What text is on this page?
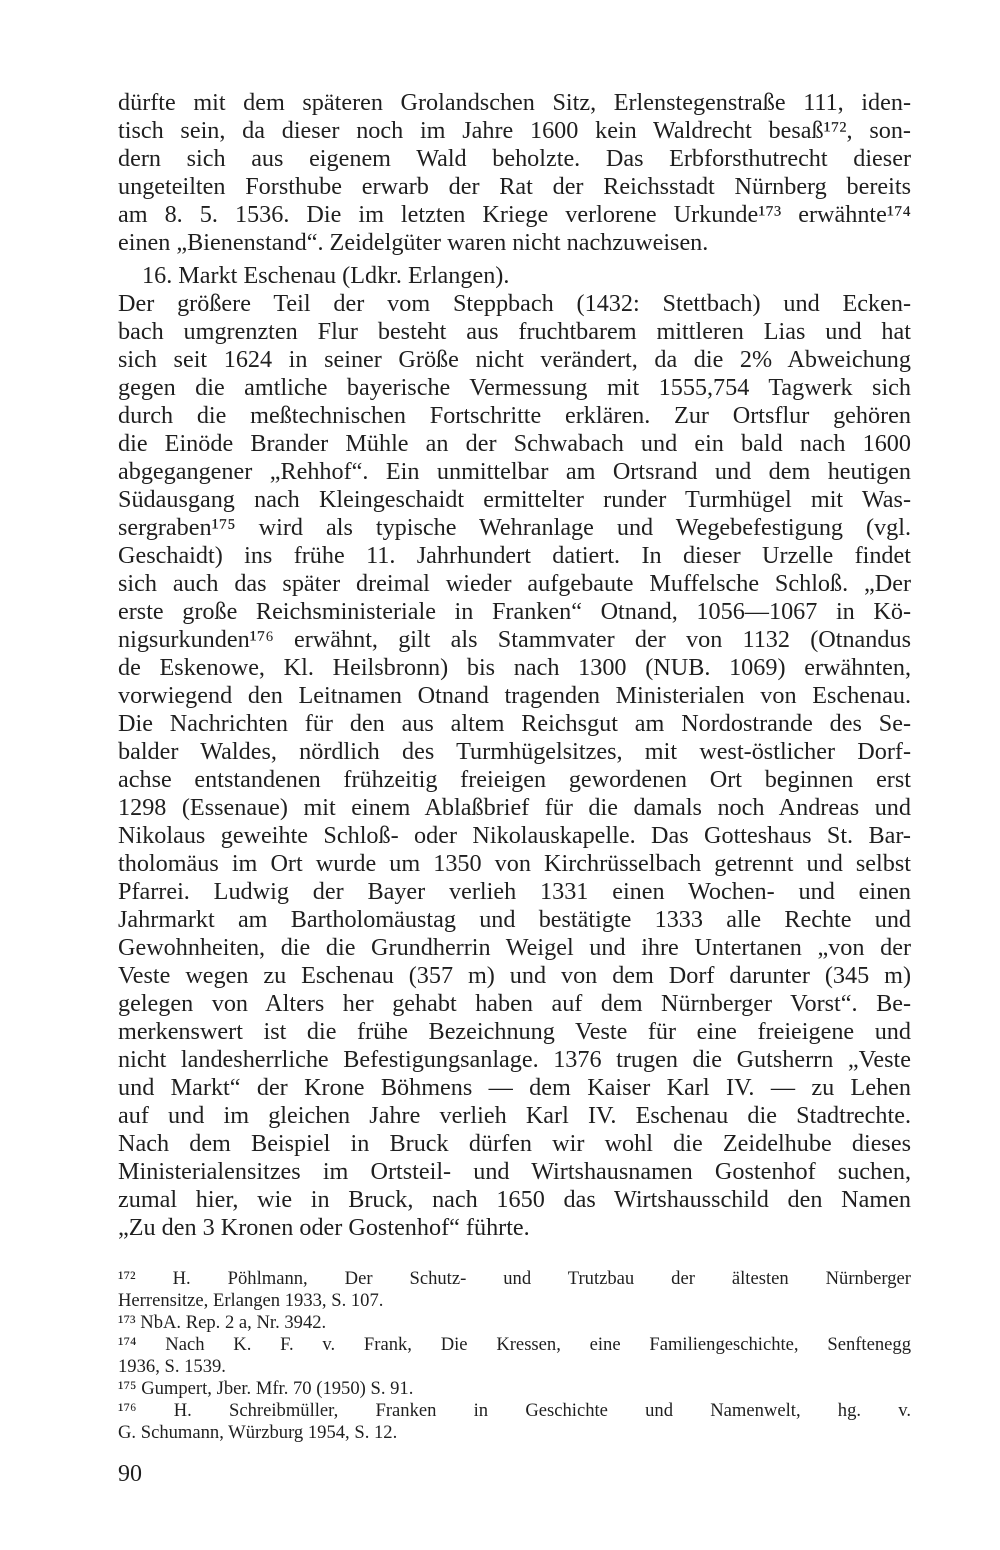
dürfte mit dem späteren Grolandschen Sitz, Erlenstegenstraße 111, iden-
tisch sein, da dieser noch im Jahre 1600 kein Waldrecht besaß¹⁷², son-
dern sich aus eigenem Wald beholzte. Das Erbforsthutrecht dieser
ungeteilten Forsthube erwarb der Rat der Reichsstadt Nürnberg bereits
am 8. 5. 1536. Die im letzten Kriege verlorene Urkunde¹⁷³ erwähnte¹⁷⁴
einen „Bienenstand“. Zeidelgüter waren nicht nachzuweisen.
16. Markt Eschenau (Ldkr. Erlangen).
Der größere Teil der vom Steppbach (1432: Stettbach) und Ecken-
bach umgrenzten Flur besteht aus fruchtbarem mittleren Lias und hat
sich seit 1624 in seiner Größe nicht verändert, da die 2% Abweichung
gegen die amtliche bayerische Vermessung mit 1555,754 Tagwerk sich
durch die meßtechnischen Fortschritte erklären. Zur Ortsflur gehören
die Einöde Brander Mühle an der Schwabach und ein bald nach 1600
abgegangener „Rehhof“. Ein unmittelbar am Ortsrand und dem heutigen
Südausgang nach Kleingeschaidt ermittelter runder Turmhügel mit Was-
sergraben¹⁷⁵ wird als typische Wehranlage und Wegebefestigung (vgl.
Geschaidt) ins frühe 11. Jahrhundert datiert. In dieser Urzelle findet
sich auch das später dreimal wieder aufgebaute Muffelsche Schloß. „Der
erste große Reichsministeriale in Franken“ Otnand, 1056—1067 in Kö-
nigsurkunden¹⁷⁶ erwähnt, gilt als Stammvater der von 1132 (Otnandus
de Eskenowe, Kl. Heilsbronn) bis nach 1300 (NUB. 1069) erwähnten,
vorwiegend den Leitnamen Otnand tragenden Ministerialen von Eschenau.
Die Nachrichten für den aus altem Reichsgut am Nordostrande des Se-
balder Waldes, nördlich des Turmhügelsitzes, mit west-östlicher Dorf-
achse entstandenen frühzeitig freieigen gewordenen Ort beginnen erst
1298 (Essenaue) mit einem Ablaßbrief für die damals noch Andreas und
Nikolaus geweihte Schloß- oder Nikolauskapelle. Das Gotteshaus St. Bar-
tholomäus im Ort wurde um 1350 von Kirchrüsselbach getrennt und selbst
Pfarrei. Ludwig der Bayer verlieh 1331 einen Wochen- und einen
Jahrmarkt am Bartholomäustag und bestätigte 1333 alle Rechte und
Gewohnheiten, die die Grundherrin Weigel und ihre Untertanen „von der
Veste wegen zu Eschenau (357 m) und von dem Dorf darunter (345 m)
gelegen von Alters her gehabt haben auf dem Nürnberger Vorst“. Be-
merkenswert ist die frühe Bezeichnung Veste für eine freieigene und
nicht landesherrliche Befestigungsanlage. 1376 trugen die Gutsherrn „Veste
und Markt“ der Krone Böhmens — dem Kaiser Karl IV. — zu Lehen
auf und im gleichen Jahre verlieh Karl IV. Eschenau die Stadtrechte.
Nach dem Beispiel in Bruck dürfen wir wohl die Zeidelhube dieses
Ministerialensitzes im Ortsteil- und Wirtshausnamen Gostenhof suchen,
zumal hier, wie in Bruck, nach 1650 das Wirtshausschild den Namen
„Zu den 3 Kronen oder Gostenhof“ führte.
¹⁷² H. Pöhlmann, Der Schutz- und Trutzbau der ältesten Nürnberger
Herrensitze, Erlangen 1933, S. 107.
¹⁷³ NbA. Rep. 2 a, Nr. 3942.
¹⁷⁴ Nach K. F. v. Frank, Die Kressen, eine Familiengeschichte, Senftenegg
1936, S. 1539.
¹⁷⁵ Gumpert, Jber. Mfr. 70 (1950) S. 91.
¹⁷⁶ H. Schreibmüller, Franken in Geschichte und Namenwelt, hg. v.
G. Schumann, Würzburg 1954, S. 12.
90
